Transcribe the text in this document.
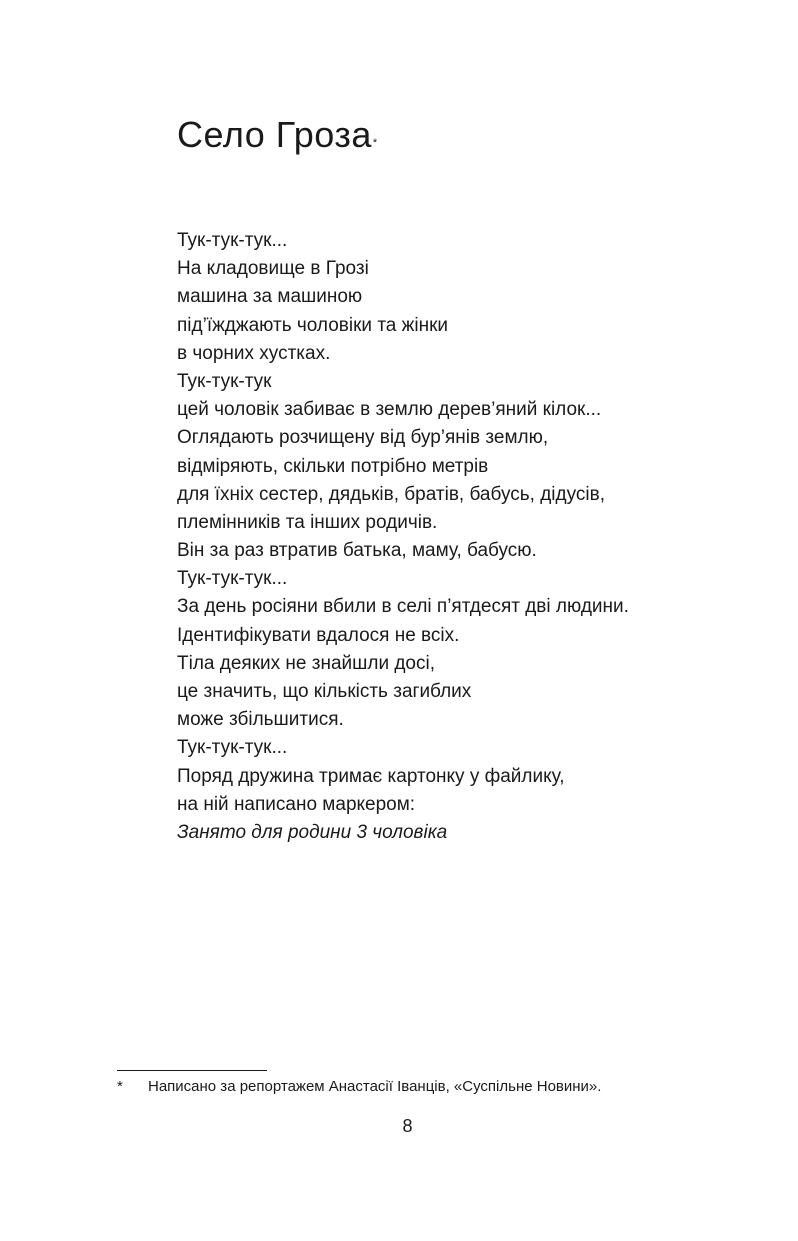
Село Гроза*
Тук-тук-тук...
На кладовище в Грозі
машина за машиною
під’їжджають чоловіки та жінки
в чорних хустках.
Тук-тук-тук
цей чоловік забиває в землю дерев’яний кілок...
Оглядають розчищену від бур’янів землю,
відміряють, скільки потрібно метрів
для їхніх сестер, дядьків, братів, бабусь, дідусів,
племінників та інших родичів.
Він за раз втратив батька, маму, бабусю.
Тук-тук-тук...
За день росіяни вбили в селі п’ятдесят дві людини.
Ідентифікувати вдалося не всіх.
Тіла деяких не знайшли досі,
це значить, що кількість загиблих
може збільшитися.
Тук-тук-тук...
Поряд дружина тримає картонку у файлику,
на ній написано маркером:
Занято для родини 3 чоловіка
* Написано за репортажем Анастасії Іванців, «Суспільне Новини».
8
